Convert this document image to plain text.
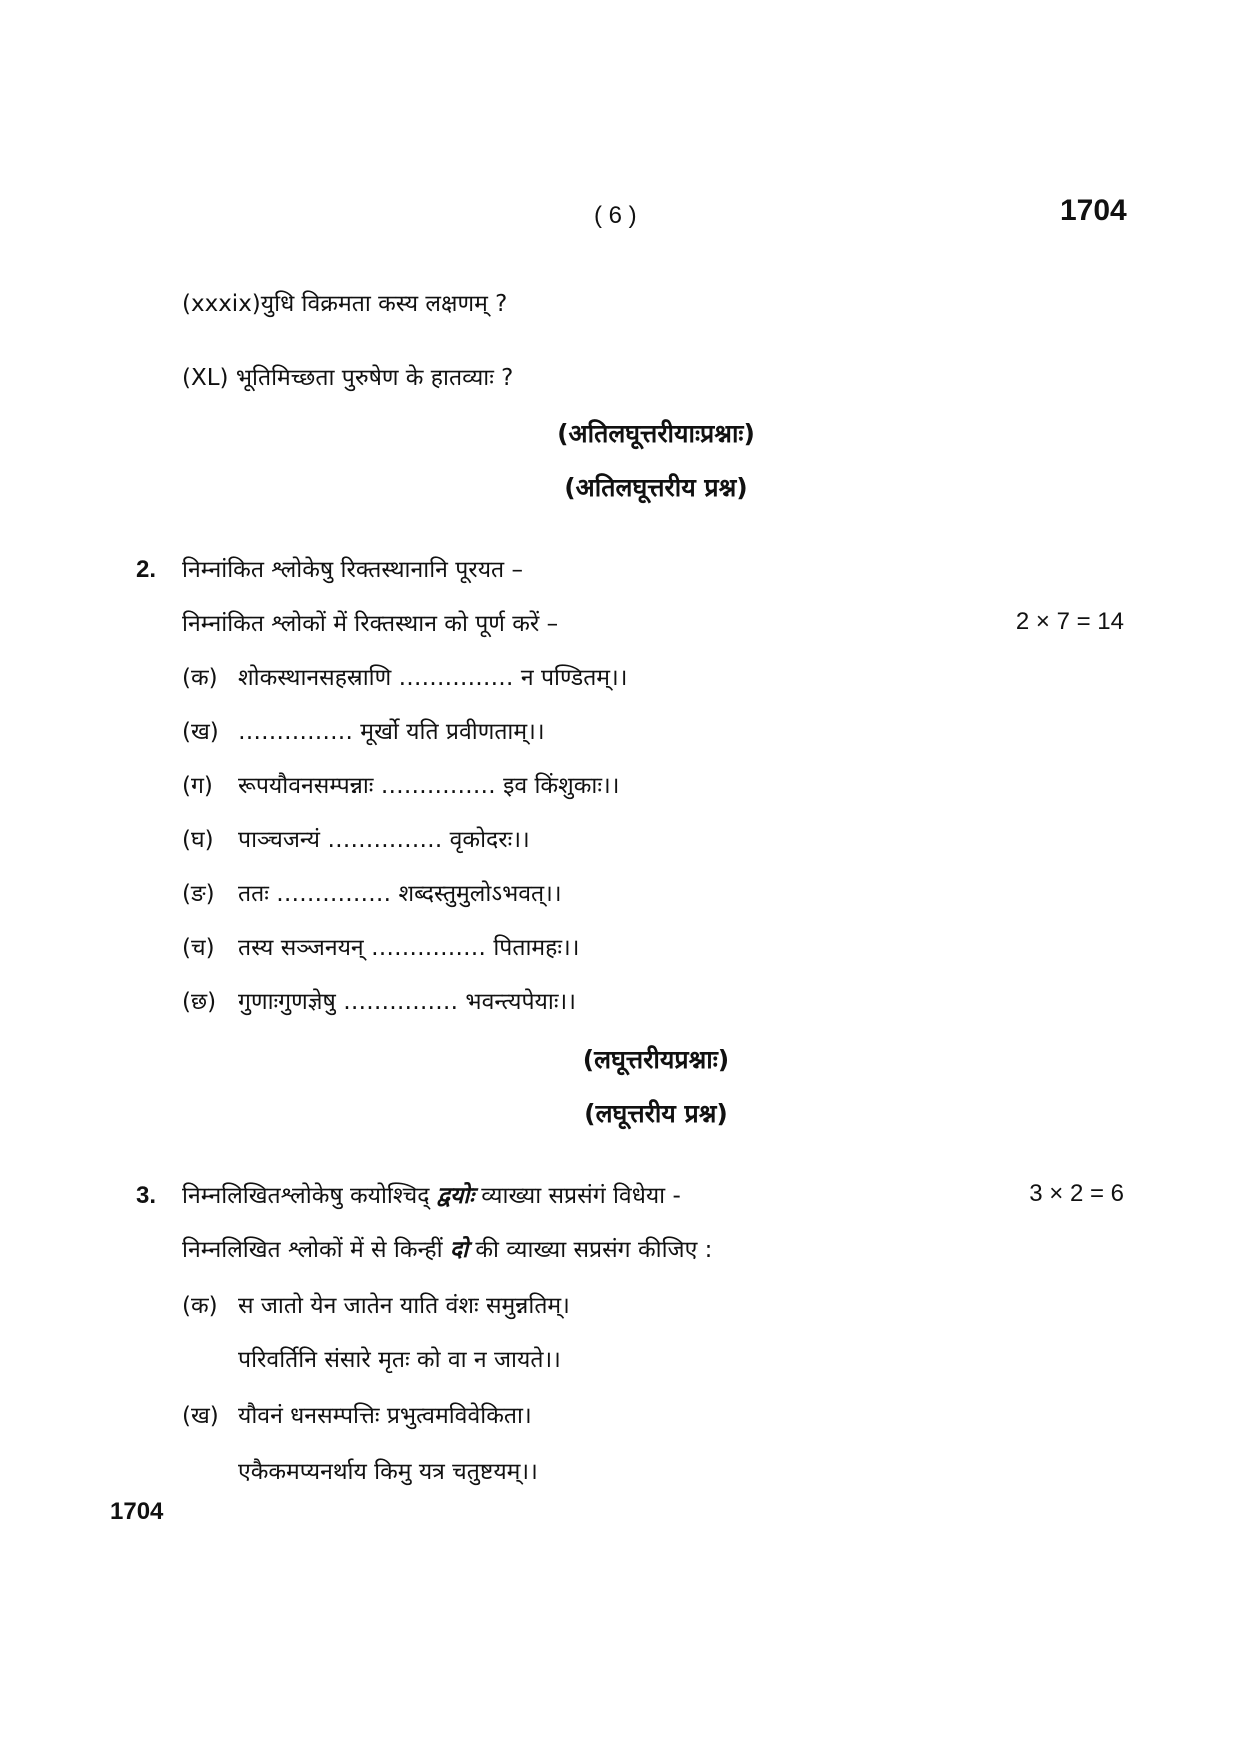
( 6 )	1704
(xxxix)युधि विक्रमता कस्य लक्षणम् ?
(XL) भूतिमिच्छता पुरुषेण के हातव्याः ?
(अतिलघूत्तरीयाःप्रश्नाः)
(अतिलघूत्तरीय प्रश्न)
2. निम्नांकित श्लोकेषु रिक्तस्थानानि पूरयत –
निम्नांकित श्लोकों में रिक्तस्थान को पूर्ण करें –	2 × 7 = 14
(क) शोकस्थानसहस्राणि …………… न पण्डितम्।।
(ख) …………… मूर्खो यति प्रवीणताम्।।
(ग) रूपयौवनसम्पन्नाः …………… इव किंशुकाः।।
(घ) पाञ्चजन्यं …………… वृकोदरः।।
(ङ) ततः …………… शब्दस्तुमुलोऽभवत्।।
(च) तस्य सञ्जनयन् …………… पितामहः।।
(छ) गुणाःगुणज्ञेषु …………… भवन्त्यपेयाः।।
(लघूत्तरीयप्रश्नाः)
(लघूत्तरीय प्रश्न)
3. निम्नलिखितश्लोकेषु कयोश्चिद् द्वयोः व्याख्या सप्रसंगं विधेया -	3 × 2 = 6
निम्नलिखित श्लोकों में से किन्हीं दो की व्याख्या सप्रसंग कीजिए :
(क) स जातो येन जातेन याति वंशः समुन्नतिम्।
परिवर्तिनि संसारे मृतः को वा न जायते।।
(ख) यौवनं धनसम्पत्तिः प्रभुत्वमविवेकिता।
एकैकमप्यनर्थाय किमु यत्र चतुष्टयम्।।
1704
